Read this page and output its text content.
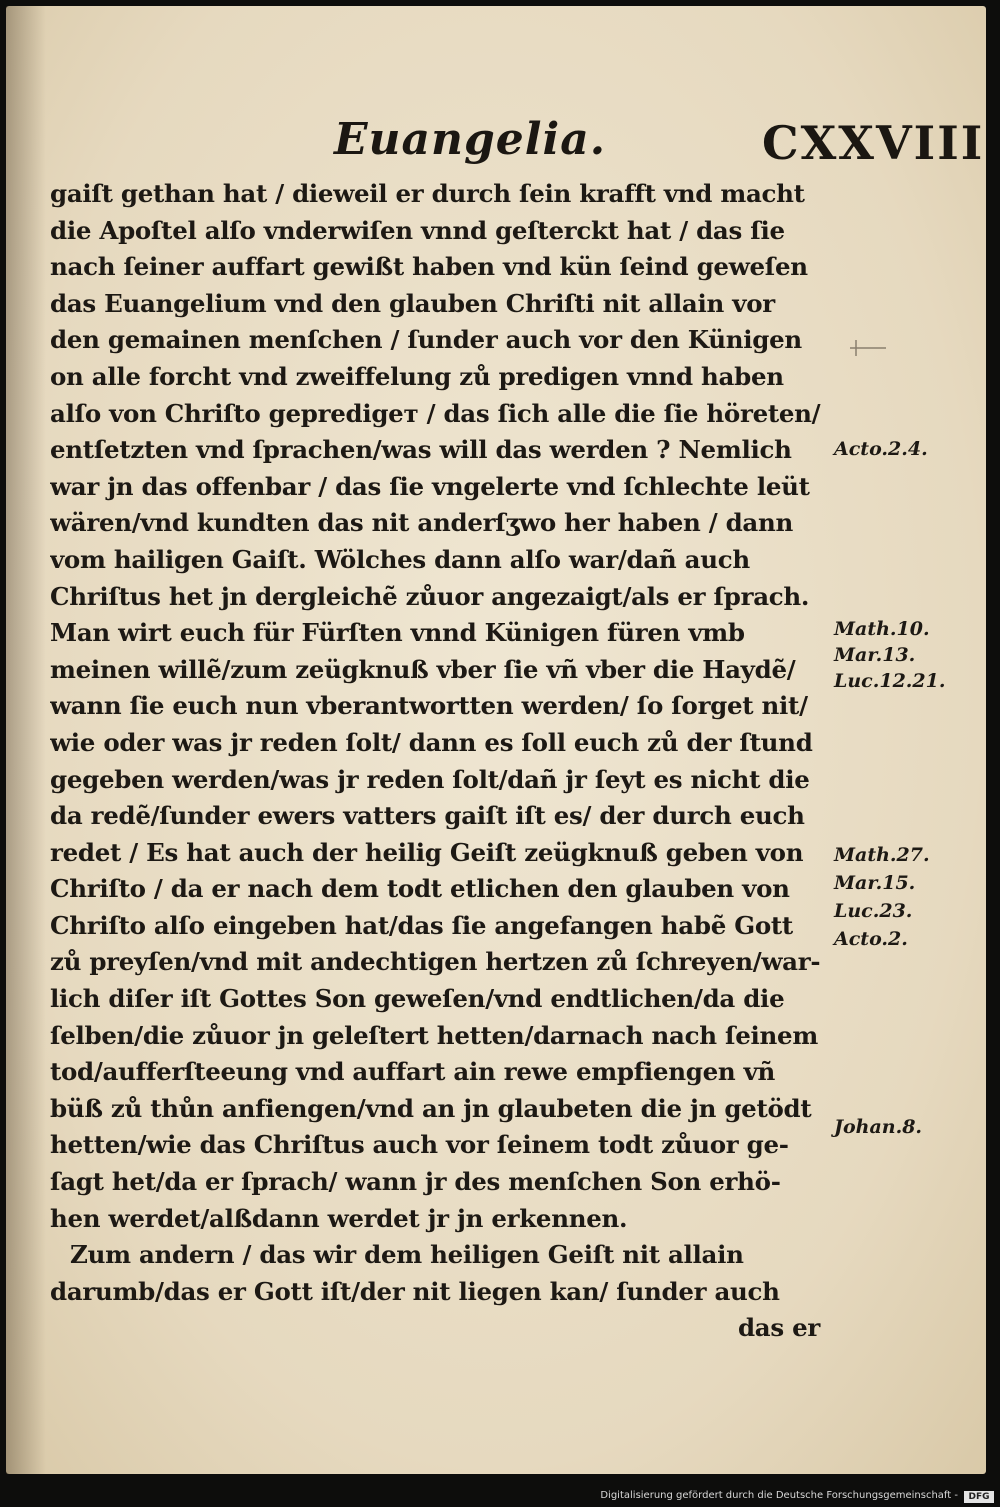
Euangelia.	CXXVIII
gaiſt gethan hat / dieweil er durch ſein krafft vnd macht
die Apoſtel alſo vnderwiſen vnnd geſterckt hat / das ſie
nach ſeiner auffart gewißt haben vnd kün ſeind geweſen
das Euangelium vnd den glauben Chriſti nit allain vor
den gemainen menſchen / ſunder auch vor den Künigen
on alle forcht vnd zweiffelung zů predigen vnnd haben
alſo von Chriſto gepredigет / das ſich alle die ſie höreten/
entſetzten vnd ſprachen/was will das werden ? Nemlich
war jn das offenbar / das ſie vngelerte vnd ſchlechte leüt
wären/vnd kundten das nit anderſʒwo her haben / dann
vom hailigen Gaiſt. Wölches dann alſo war/dañ auch
Chriſtus het jn dergleichẽ zůuor angezaigt/als er ſprach.
Man wirt euch für Fürſten vnnd Künigen füren vmb
meinen willẽ/zum zeügknuß vber ſie vñ vber die Haydẽ/
wann ſie euch nun vberantwortten werden/ ſo ſorget nit/
wie oder was jr reden ſolt/ dann es ſoll euch zů der ſtund
gegeben werden/was jr reden ſolt/dañ jr ſeyt es nicht die
da redẽ/ſunder ewers vatters gaiſt iſt es/ der durch euch
redet / Es hat auch der heilig Geiſt zeügknuß geben von
Chriſto / da er nach dem todt etlichen den glauben von
Chriſto alſo eingeben hat/das ſie angefangen habẽ Gott
zů preyſen/vnd mit andechtigen hertzen zů ſchreyen/war-
lich diſer iſt Gottes Son geweſen/vnd endtlichen/da die
ſelben/die zůuor jn geleſtert hetten/darnach nach ſeinem
tod/aufferſteeung vnd auffart ain rewe empfiengen vñ
büß zů thůn anfiengen/vnd an jn glaubeten die jn getödt
hetten/wie das Chriſtus auch vor ſeinem todt zůuor ge-
ſagt het/da er ſprach/ wann jr des menſchen Son erhö-
hen werdet/alßdann werdet jr jn erkennen.
Zum andern / das wir dem heiligen Geiſt nit allain
darumb/das er Gott iſt/der nit liegen kan/ ſunder auch
das er
Acto.2.4.
Math.10.
Mar.13.
Luc.12.21.
Math.27.
Mar.15.
Luc.23.
Acto.2.
Johan.8.
Digitalisierung gefördert durch die Deutsche Forschungsgemeinschaft -	DFG
